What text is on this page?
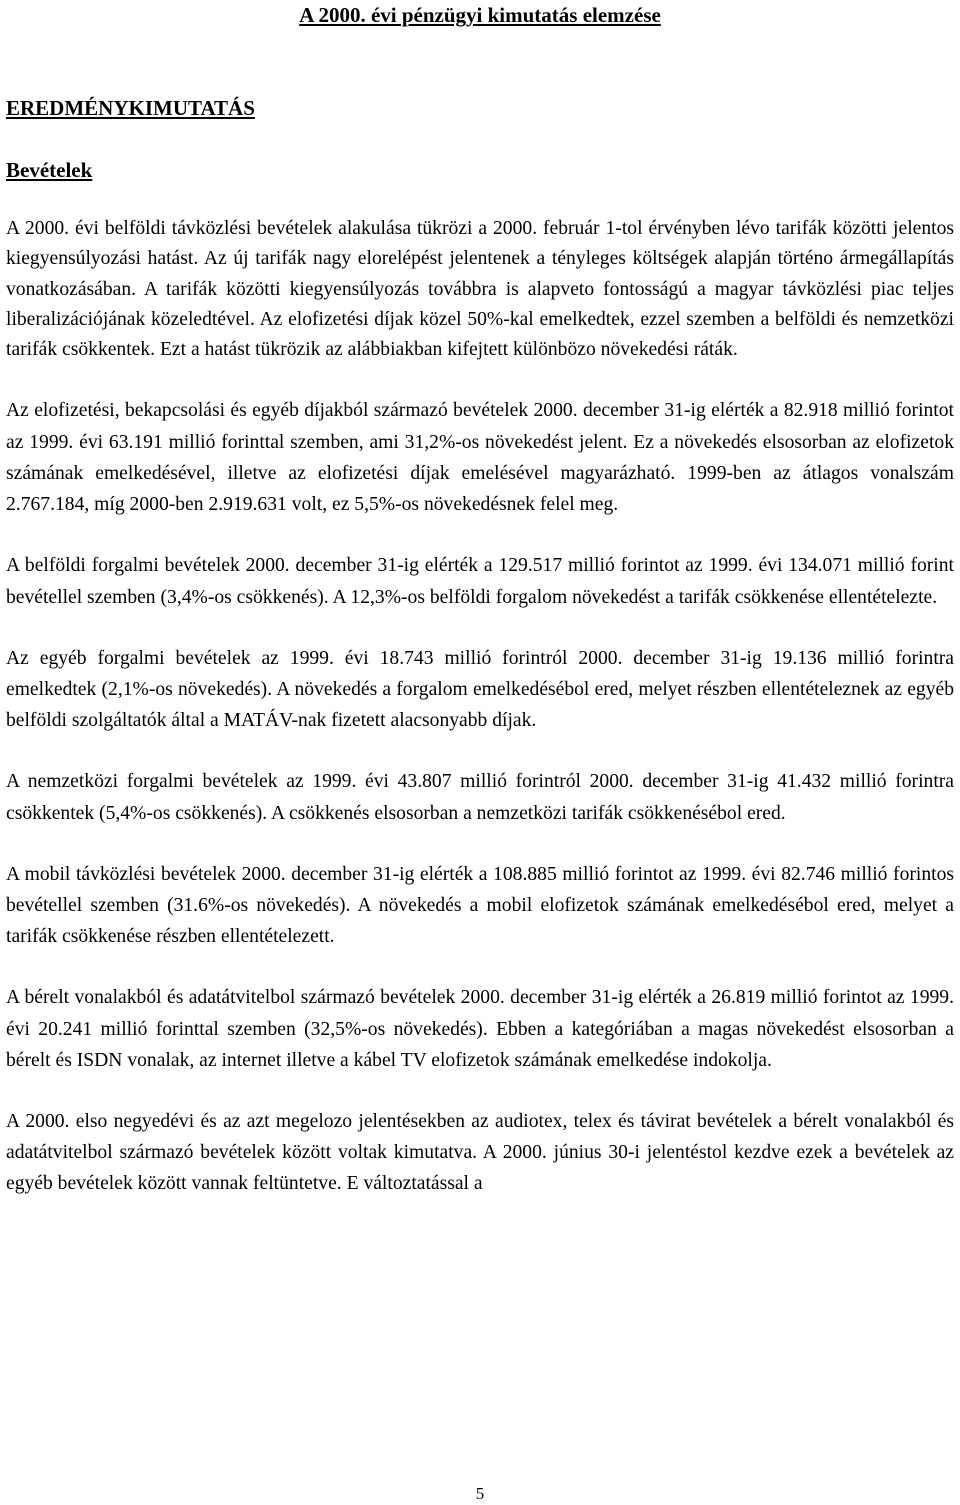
A 2000. évi pénzügyi kimutatás elemzése
EREDMÉNYKIMUTATÁS
Bevételek

A 2000. évi belföldi távközlési bevételek alakulása tükrözi a 2000. február 1-tol érvényben lévo tarifák közötti jelentos kiegyensúlyozási hatást. Az új tarifák nagy elorelépést jelentenek a tényleges költségek alapján történo ármegállapítás vonatkozásában. A tarifák közötti kiegyensúlyozás továbbra is alapveto fontosságú a magyar távközlési piac teljes liberalizációjának közeledtével. Az elofizetési díjak közel 50%-kal emelkedtek, ezzel szemben a belföldi és nemzetközi tarifák csökkentek. Ezt a hatást tükrözik az alábbiakban kifejtett különbözo növekedési ráták.

Az elofizetési, bekapcsolási és egyéb díjakból származó bevételek 2000. december 31-ig elérték a 82.918 millió forintot az 1999. évi 63.191 millió forinttal szemben, ami 31,2%-os növekedést jelent. Ez a növekedés elsosorban az elofizetok számának emelkedésével, illetve az elofizetési díjak emelésével magyarázható. 1999-ben az átlagos vonalszám 2.767.184, míg 2000-ben 2.919.631 volt, ez 5,5%-os növekedésnek felel meg.

A belföldi forgalmi bevételek 2000. december 31-ig elérték a 129.517 millió forintot az 1999. évi 134.071 millió forint bevétellel szemben (3,4%-os csökkenés). A 12,3%-os belföldi forgalom növekedést a tarifák csökkenése ellentételezte.

Az egyéb forgalmi bevételek az 1999. évi 18.743 millió forintról 2000. december 31-ig 19.136 millió forintra emelkedtek (2,1%-os növekedés). A növekedés a forgalom emelkedésébol ered, melyet részben ellentételeznek az egyéb belföldi szolgáltatók által a MATÁV-nak fizetett alacsonyabb díjak.

A nemzetközi forgalmi bevételek az 1999. évi 43.807 millió forintról 2000. december 31-ig 41.432 millió forintra csökkentek (5,4%-os csökkenés). A csökkenés elsosorban a nemzetközi tarifák csökkenésébol ered.

A mobil távközlési bevételek 2000. december 31-ig elérték a 108.885 millió forintot az 1999. évi 82.746 millió forintos bevétellel szemben (31.6%-os növekedés). A növekedés a mobil elofizetok számának emelkedésébol ered, melyet a tarifák csökkenése részben ellentételezett.

A bérelt vonalakból és adatátvitelbol származó bevételek 2000. december 31-ig elérték a 26.819 millió forintot az 1999. évi 20.241 millió forinttal szemben (32,5%-os növekedés). Ebben a kategóriában a magas növekedést elsosorban a bérelt és ISDN vonalak, az internet illetve a kábel TV elofizetok számának emelkedése indokolja.

A 2000. elso negyedévi és az azt megelozo jelentésekben az audiotex, telex és távirat bevételek a bérelt vonalakból és adatátvitelbol származó bevételek között voltak kimutatva. A 2000. június 30-i jelentéstol kezdve ezek a bevételek az egyéb bevételek között vannak feltüntetve. E változtatással a

5
